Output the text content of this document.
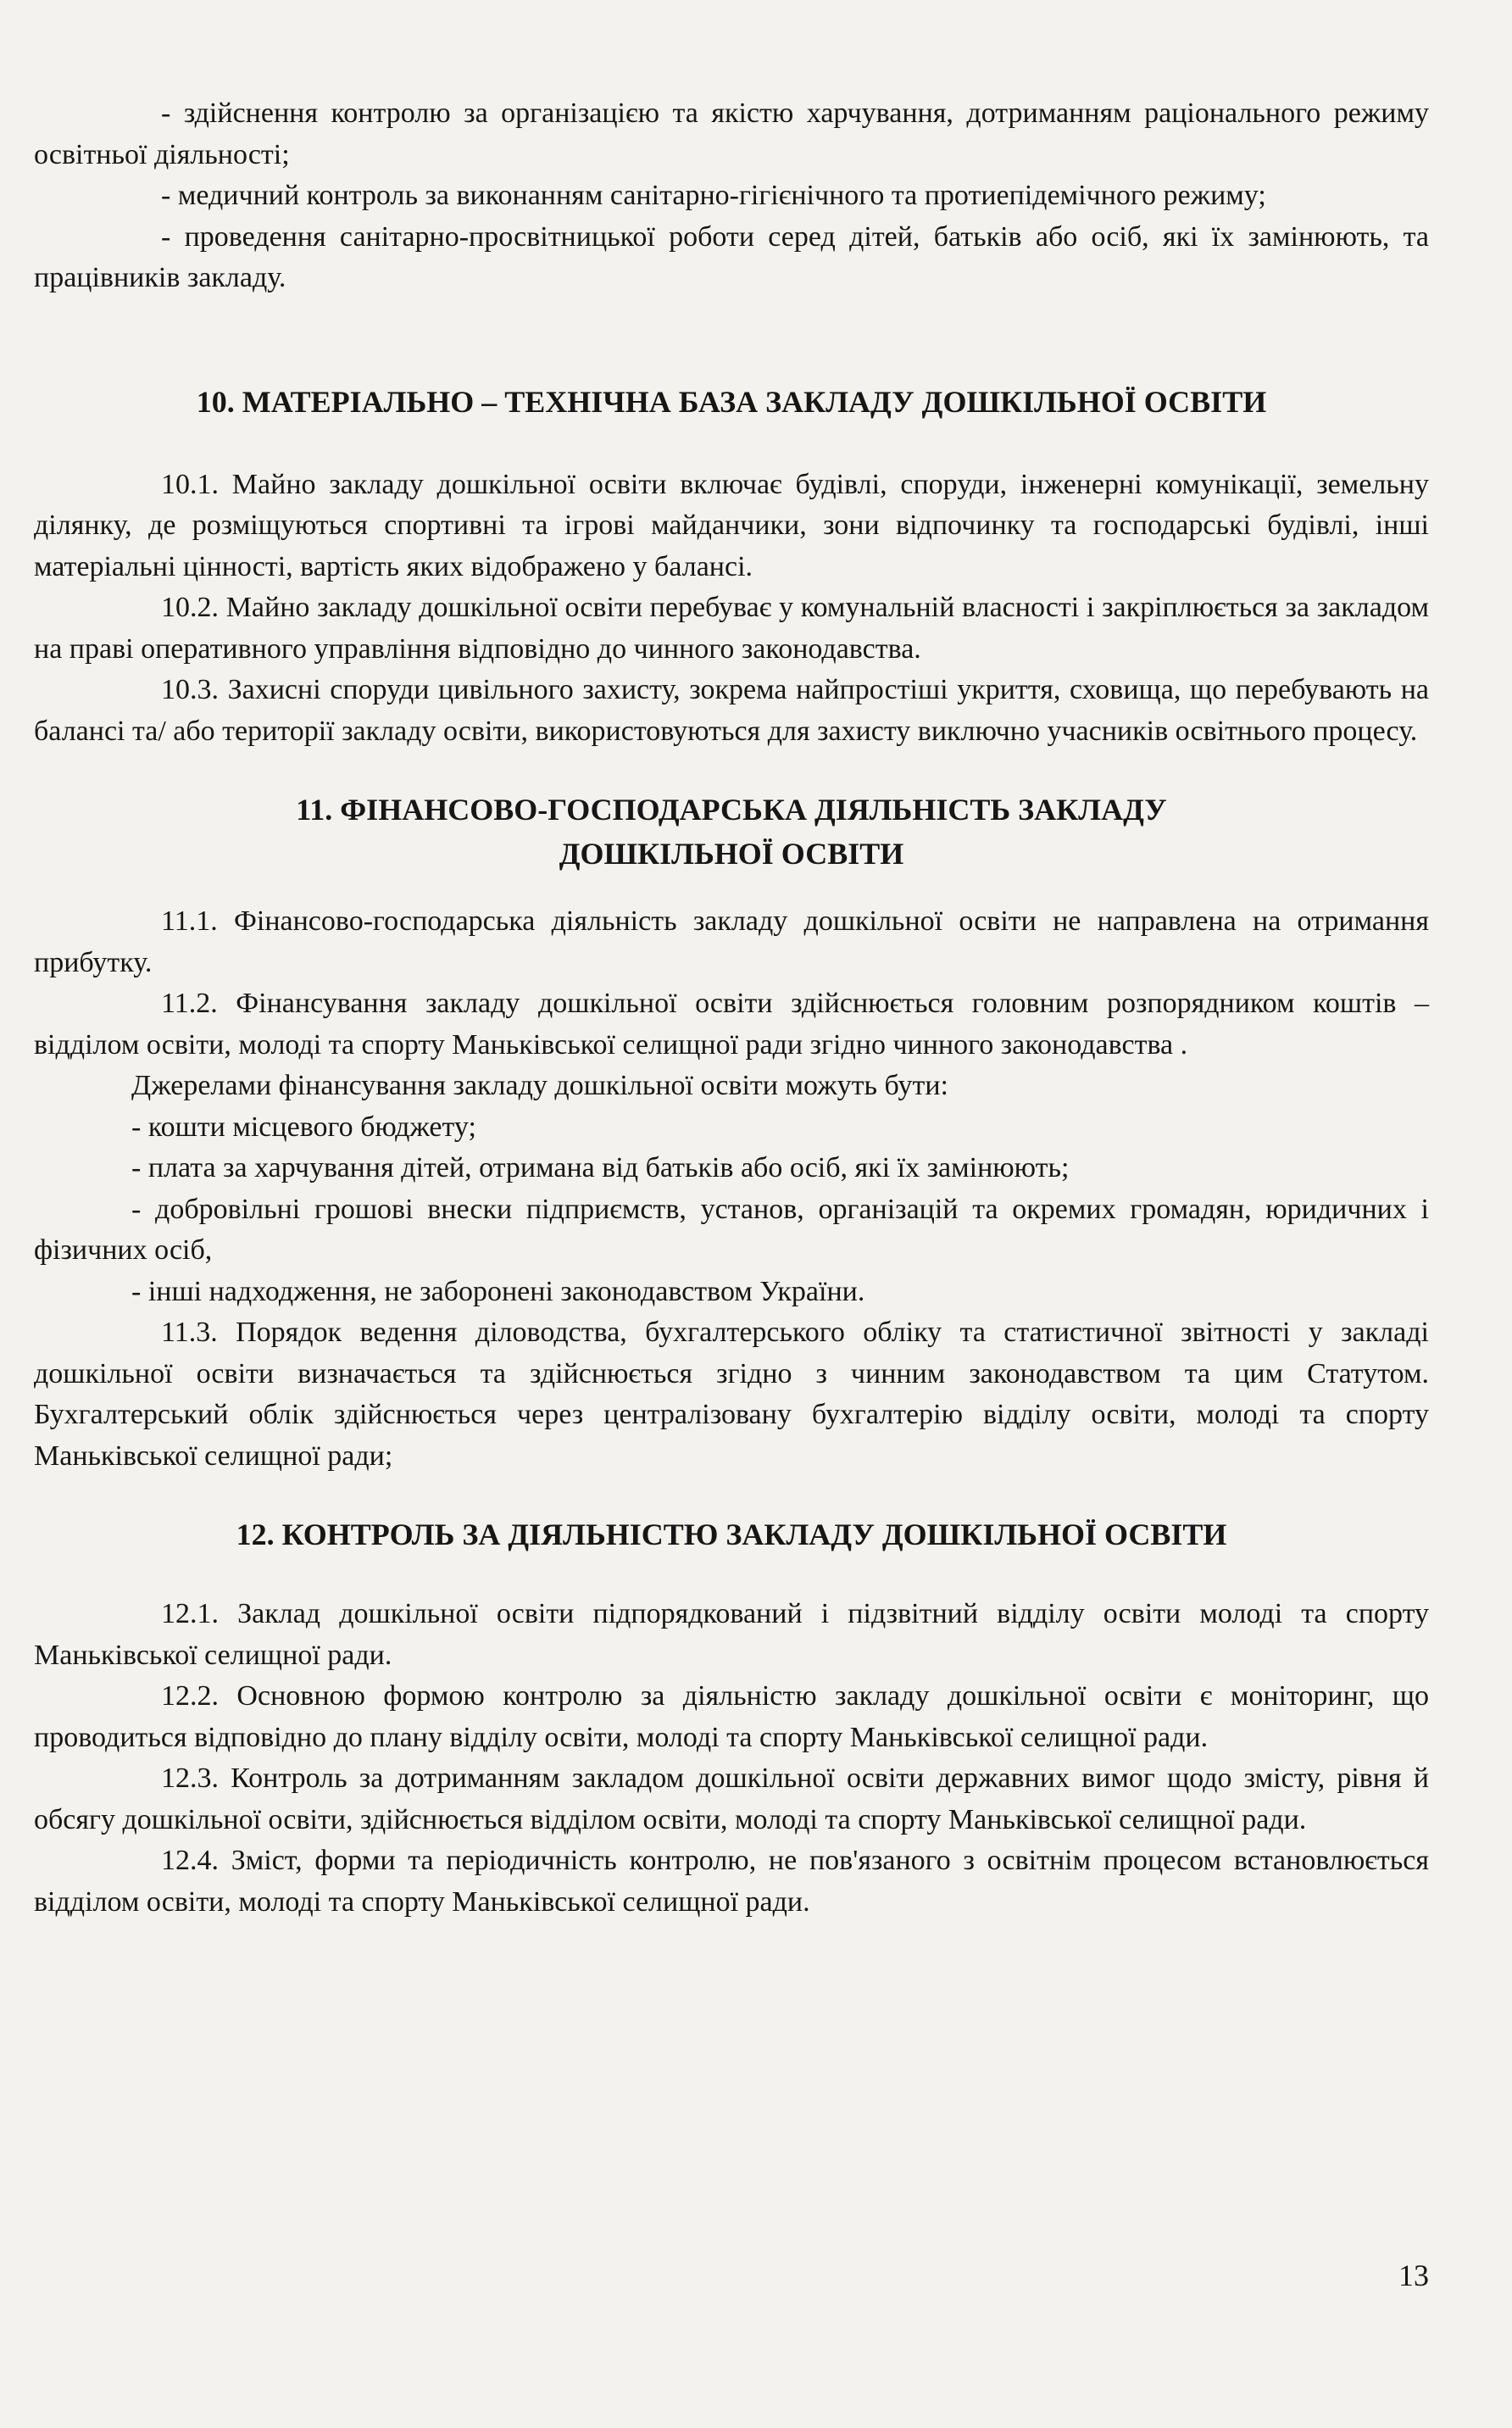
- здійснення контролю за організацією та якістю харчування, дотриманням раціонального режиму освітньої діяльності;

- медичний контроль за виконанням санітарно-гігієнічного та протиепідемічного режиму;

- проведення санітарно-просвітницької роботи серед дітей, батьків або осіб, які їх замінюють, та працівників закладу.

10. МАТЕРІАЛЬНО – ТЕХНІЧНА БАЗА ЗАКЛАДУ ДОШКІЛЬНОЇ ОСВІТИ

10.1. Майно закладу дошкільної освіти включає будівлі, споруди, інженерні комунікації, земельну ділянку, де розміщуються спортивні та ігрові майданчики, зони відпочинку та господарські будівлі, інші матеріальні цінності, вартість яких відображено у балансі.

10.2. Майно закладу дошкільної освіти перебуває у комунальній власності і закріплюється за закладом на праві оперативного управління відповідно до чинного законодавства.

10.3. Захисні споруди цивільного захисту, зокрема найпростіші укриття, сховища, що перебувають на балансі та/ або території закладу освіти, використовуються для захисту виключно учасників освітнього процесу.

11. ФІНАНСОВО-ГОСПОДАРСЬКА ДІЯЛЬНІСТЬ ЗАКЛАДУ
ДОШКІЛЬНОЇ ОСВІТИ

11.1. Фінансово-господарська діяльність закладу дошкільної освіти не направлена на отримання прибутку.

11.2. Фінансування закладу дошкільної освіти здійснюється головним розпорядником коштів – відділом освіти, молоді та спорту Маньківської селищної ради згідно чинного законодавства .

Джерелами фінансування закладу дошкільної освіти можуть бути:

- кошти місцевого бюджету;

- плата за харчування дітей, отримана від батьків або осіб, які їх замінюють;

- добровільні грошові внески підприємств, установ, організацій та окремих громадян, юридичних і фізичних осіб,

- інші надходження, не заборонені законодавством України.

11.3. Порядок ведення діловодства, бухгалтерського обліку та статистичної звітності у закладі дошкільної освіти визначається та здійснюється згідно з чинним законодавством та цим Статутом. Бухгалтерський облік здійснюється через централізовану бухгалтерію відділу освіти, молоді та спорту Маньківської селищної ради;

12. КОНТРОЛЬ ЗА ДІЯЛЬНІСТЮ ЗАКЛАДУ ДОШКІЛЬНОЇ ОСВІТИ

12.1. Заклад дошкільної освіти підпорядкований і підзвітний відділу освіти молоді та спорту Маньківської селищної ради.

12.2. Основною формою контролю за діяльністю закладу дошкільної освіти є моніторинг, що проводиться відповідно до плану відділу освіти, молоді та спорту Маньківської селищної ради.

12.3. Контроль за дотриманням закладом дошкільної освіти державних вимог щодо змісту, рівня й обсягу дошкільної освіти, здійснюється відділом освіти, молоді та спорту Маньківської селищної ради.

12.4. Зміст, форми та періодичність контролю, не пов'язаного з освітнім процесом встановлюється відділом освіти, молоді та спорту Маньківської селищної ради.

13
